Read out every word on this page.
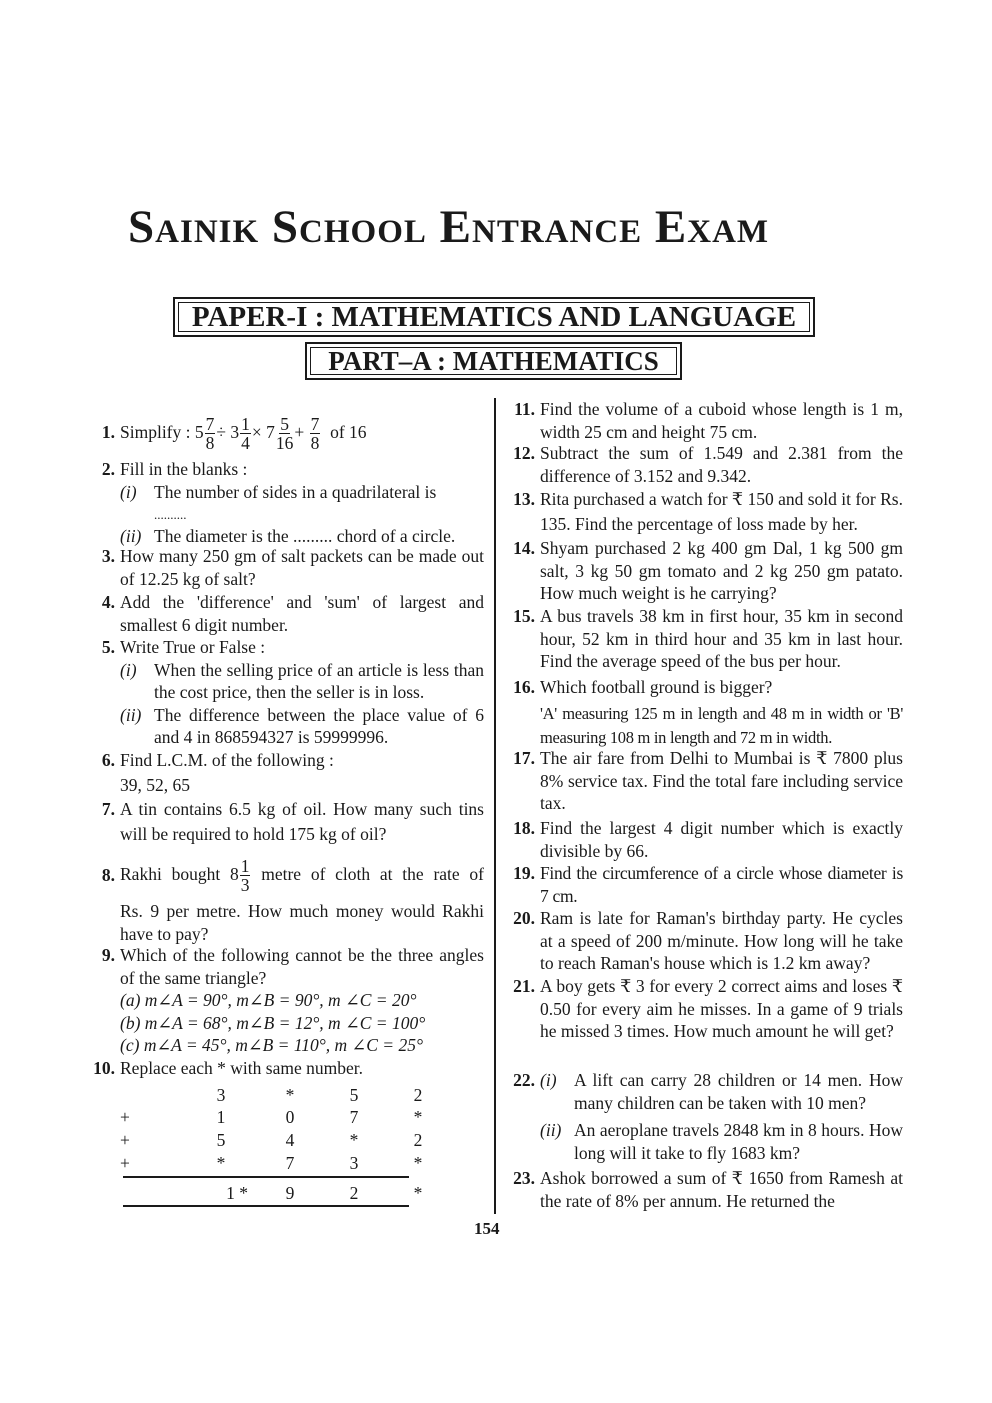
Sainik School Entrance Exam
PAPER-I : MATHEMATICS AND LANGUAGE
PART–A : MATHEMATICS
1. Simplify : $5 \frac{7}{8} \div 3 \frac{1}{4} \times 7 \frac{5}{16} + \frac{7}{8}$ of 16
2. Fill in the blanks :
(i) The number of sides in a quadrilateral is
..........
(ii) The diameter is the ......... chord of a circle.
3. How many 250 gm of salt packets can be made out of 12.25 kg of salt?
4. Add the 'difference' and 'sum' of largest and smallest 6 digit number.
5. Write True or False :
(i) When the selling price of an article is less than the cost price, then the seller is in loss.
(ii) The difference between the place value of 6 and 4 in 868594327 is 59999996.
6. Find L.C.M. of the following :
39, 52, 65
7. A tin contains 6.5 kg of oil. How many such tins will be required to hold 175 kg of oil?
8. Rakhi bought $8 \frac{1}{3}$ metre of cloth at the rate of
Rs. 9 per metre. How much money would Rakhi have to pay?
9. Which of the following cannot be the three angles of the same triangle?
(a) m∠A = 90°, m∠B = 90°, m ∠C = 20°
(b) m∠A = 68°, m∠B = 12°, m ∠C = 100°
(c) m∠A = 45°, m∠B = 110°, m ∠C = 25°
10. Replace each * with same number.
	3	*	5	2
+	1	0	7	*
+	5	4	*	2
+	*	7	3	*

	1 *	9	2	*
11. Find the volume of a cuboid whose length is 1 m, width 25 cm and height 75 cm.
12. Subtract the sum of 1.549 and 2.381 from the difference of 3.152 and 9.342.
13. Rita purchased a watch for ₹ 150 and sold it for Rs. 135. Find the percentage of loss made by her.
14. Shyam purchased 2 kg 400 gm Dal, 1 kg 500 gm salt, 3 kg 50 gm tomato and 2 kg 250 gm patato. How much weight is he carrying?
15. A bus travels 38 km in first hour, 35 km in second hour, 52 km in third hour and 35 km in last hour. Find the average speed of the bus per hour.
16. Which football ground is bigger?
'A' measuring 125 m in length and 48 m in width or 'B' measuring 108 m in length and 72 m in width.
17. The air fare from Delhi to Mumbai is ₹ 7800 plus 8% service tax. Find the total fare including service tax.
18. Find the largest 4 digit number which is exactly divisible by 66.
19. Find the circumference of a circle whose diameter is 7 cm.
20. Ram is late for Raman's birthday party. He cycles at a speed of 200 m/minute. How long will he take to reach Raman's house which is 1.2 km away?
21. A boy gets ₹ 3 for every 2 correct aims and loses ₹ 0.50 for every aim he misses. In a game of 9 trials he missed 3 times. How much amount he will get?
22. (i) A lift can carry 28 children or 14 men. How many children can be taken with 10 men?
(ii) An aeroplane travels 2848 km in 8 hours. How long will it take to fly 1683 km?
23. Ashok borrowed a sum of ₹ 1650 from Ramesh at the rate of 8% per annum. He returned the
154
